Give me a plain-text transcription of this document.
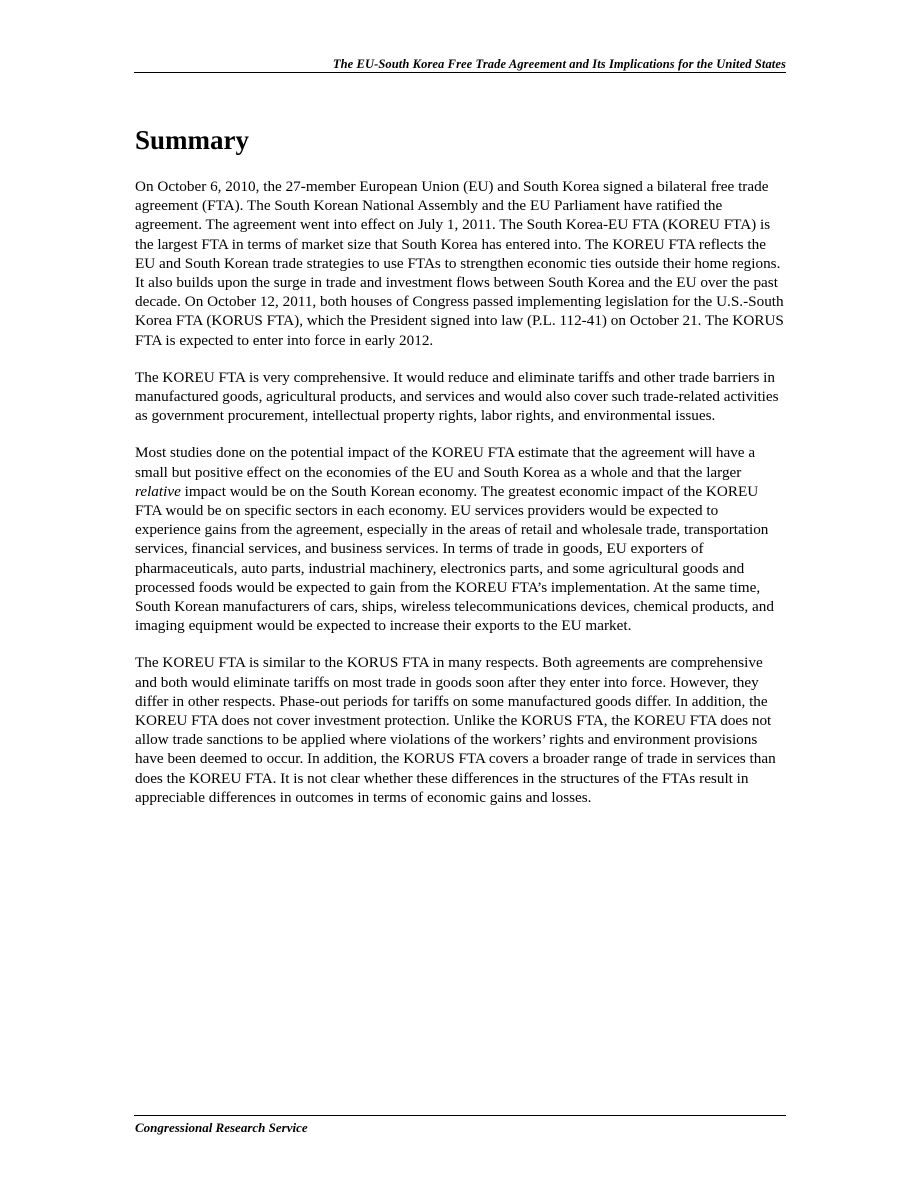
The EU-South Korea Free Trade Agreement and Its Implications for the United States
Summary

On October 6, 2010, the 27-member European Union (EU) and South Korea signed a bilateral free trade agreement (FTA). The South Korean National Assembly and the EU Parliament have ratified the agreement. The agreement went into effect on July 1, 2011. The South Korea-EU FTA (KOREU FTA) is the largest FTA in terms of market size that South Korea has entered into. The KOREU FTA reflects the EU and South Korean trade strategies to use FTAs to strengthen economic ties outside their home regions. It also builds upon the surge in trade and investment flows between South Korea and the EU over the past decade. On October 12, 2011, both houses of Congress passed implementing legislation for the U.S.-South Korea FTA (KORUS FTA), which the President signed into law (P.L. 112-41) on October 21. The KORUS FTA is expected to enter into force in early 2012.

The KOREU FTA is very comprehensive. It would reduce and eliminate tariffs and other trade barriers in manufactured goods, agricultural products, and services and would also cover such trade-related activities as government procurement, intellectual property rights, labor rights, and environmental issues.

Most studies done on the potential impact of the KOREU FTA estimate that the agreement will have a small but positive effect on the economies of the EU and South Korea as a whole and that the larger relative impact would be on the South Korean economy. The greatest economic impact of the KOREU FTA would be on specific sectors in each economy. EU services providers would be expected to experience gains from the agreement, especially in the areas of retail and wholesale trade, transportation services, financial services, and business services. In terms of trade in goods, EU exporters of pharmaceuticals, auto parts, industrial machinery, electronics parts, and some agricultural goods and processed foods would be expected to gain from the KOREU FTA’s implementation. At the same time, South Korean manufacturers of cars, ships, wireless telecommunications devices, chemical products, and imaging equipment would be expected to increase their exports to the EU market.

The KOREU FTA is similar to the KORUS FTA in many respects. Both agreements are comprehensive and both would eliminate tariffs on most trade in goods soon after they enter into force. However, they differ in other respects. Phase-out periods for tariffs on some manufactured goods differ. In addition, the KOREU FTA does not cover investment protection. Unlike the KORUS FTA, the KOREU FTA does not allow trade sanctions to be applied where violations of the workers’ rights and environment provisions have been deemed to occur. In addition, the KORUS FTA covers a broader range of trade in services than does the KOREU FTA. It is not clear whether these differences in the structures of the FTAs result in appreciable differences in outcomes in terms of economic gains and losses.

Congressional Research Service
